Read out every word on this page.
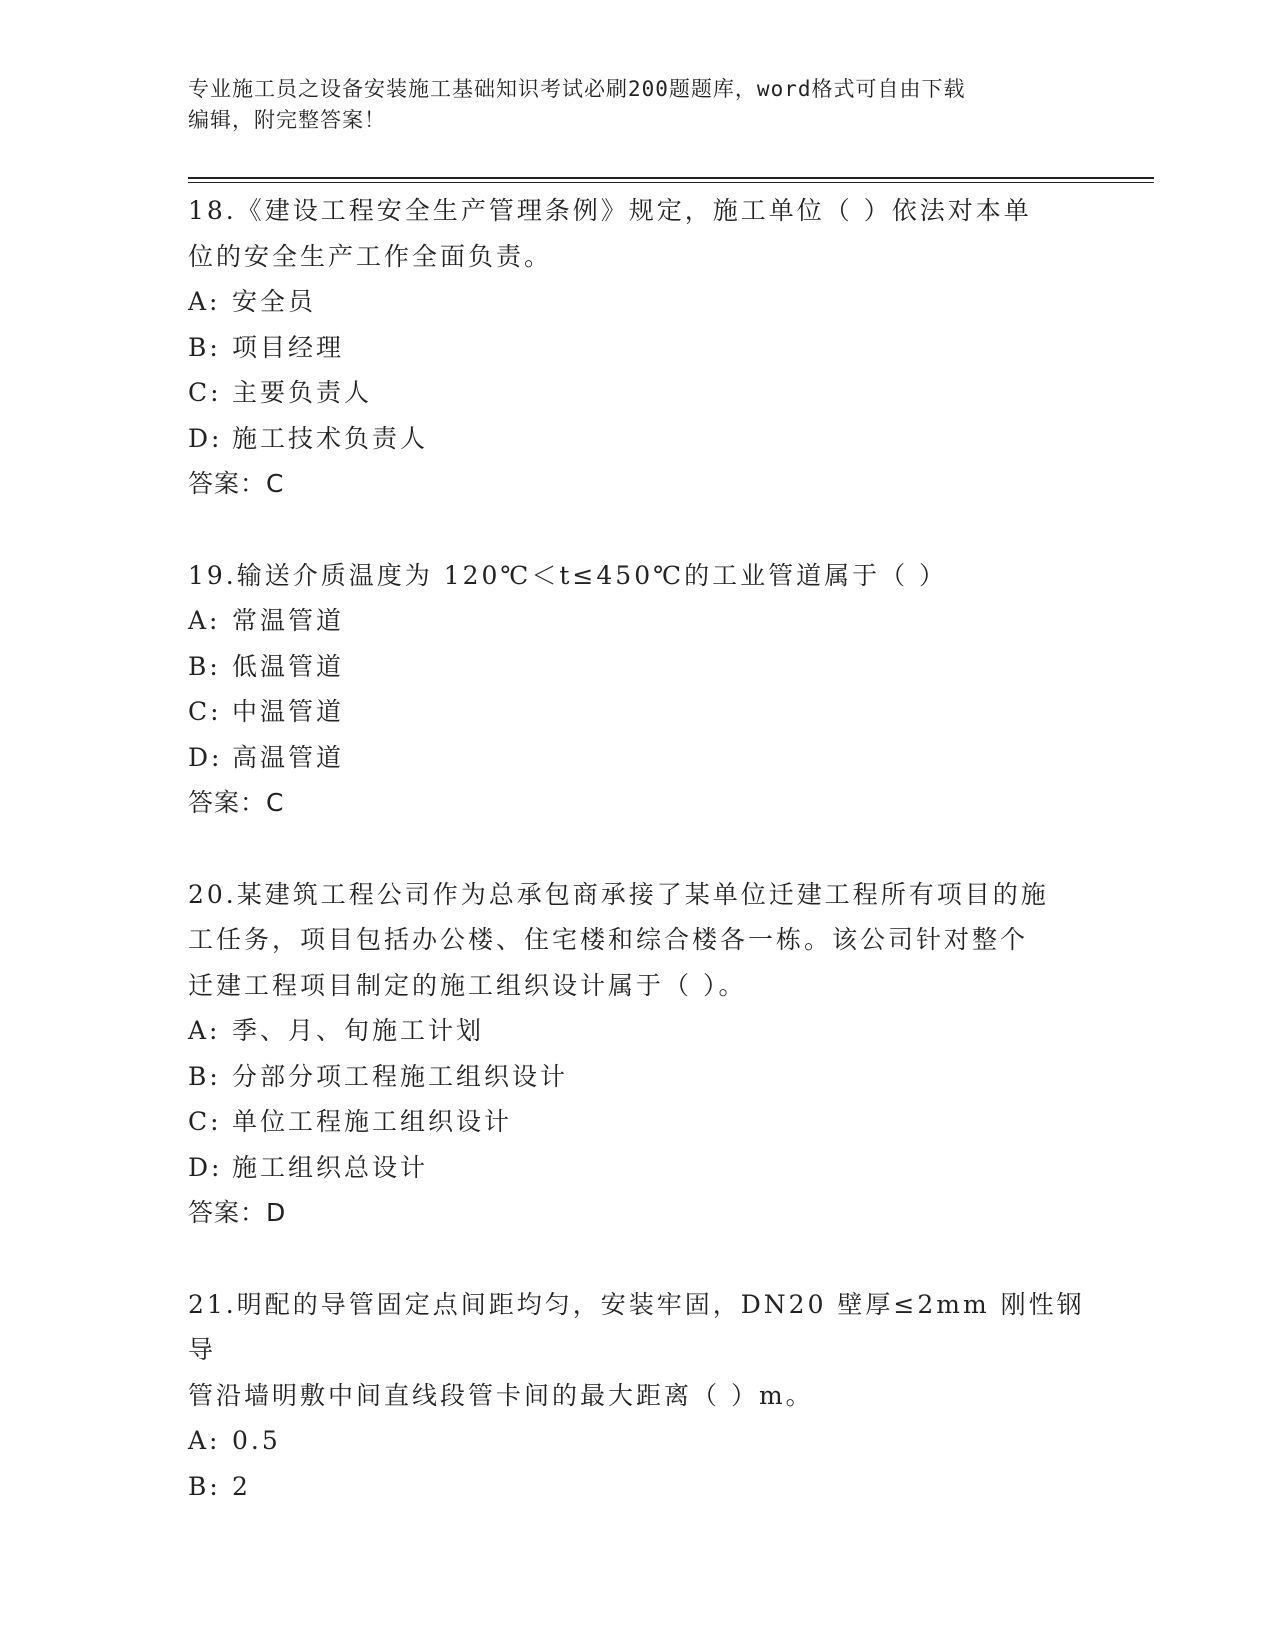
专业施工员之设备安装施工基础知识考试必刷200题题库，word格式可自由下载
编辑，附完整答案！

18.《建设工程安全生产管理条例》规定，施工单位（ ）依法对本单

位的安全生产工作全面负责。

A: 安全员

B: 项目经理

C: 主要负责人

D: 施工技术负责人

答案：C

19.输送介质温度为 120℃＜t≤450℃的工业管道属于（ ）

A: 常温管道

B: 低温管道

C: 中温管道

D: 高温管道

答案：C

20.某建筑工程公司作为总承包商承接了某单位迁建工程所有项目的施

工任务，项目包括办公楼、住宅楼和综合楼各一栋。该公司针对整个

迁建工程项目制定的施工组织设计属于（ ）。

A: 季、月、旬施工计划

B: 分部分项工程施工组织设计

C: 单位工程施工组织设计

D: 施工组织总设计

答案：D

21.明配的导管固定点间距均匀，安装牢固，DN20 壁厚≤2mm 刚性钢导

管沿墙明敷中间直线段管卡间的最大距离（ ）m。

A: 0.5

B: 2
